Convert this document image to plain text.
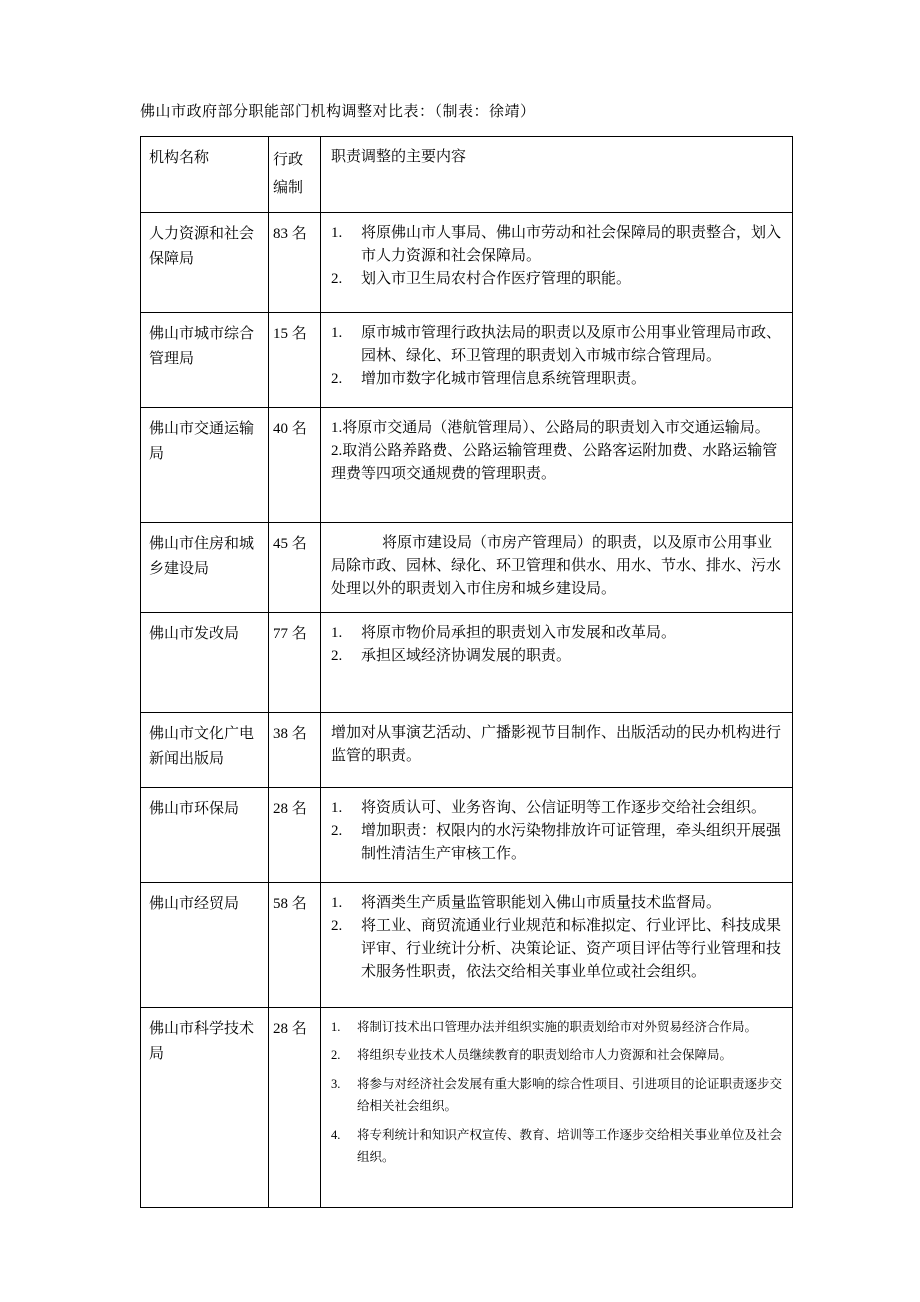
佛山市政府部分职能部门机构调整对比表：（制表：徐靖）
机构名称	行政编制	职责调整的主要内容
人力资源和社会保障局	83 名	1. 将原佛山市人事局、佛山市劳动和社会保障局的职责整合，划入市人力资源和社会保障局。
2. 划入市卫生局农村合作医疗管理的职能。

佛山市城市综合管理局	15 名	1. 原市城市管理行政执法局的职责以及原市公用事业管理局市政、园林、绿化、环卫管理的职责划入市城市综合管理局。
2. 增加市数字化城市管理信息系统管理职责。

佛山市交通运输局	40 名	1.将原市交通局（港航管理局）、公路局的职责划入市交通运输局。
2.取消公路养路费、公路运输管理费、公路客运附加费、水路运输管理费等四项交通规费的管理职责。

佛山市住房和城乡建设局	45 名	将原市建设局（市房产管理局）的职责，以及原市公用事业局除市政、园林、绿化、环卫管理和供水、用水、节水、排水、污水处理以外的职责划入市住房和城乡建设局。

佛山市发改局	77 名	1. 将原市物价局承担的职责划入市发展和改革局。
2. 承担区域经济协调发展的职责。

佛山市文化广电新闻出版局	38 名	增加对从事演艺活动、广播影视节目制作、出版活动的民办机构进行监管的职责。

佛山市环保局	28 名	1. 将资质认可、业务咨询、公信证明等工作逐步交给社会组织。
2. 增加职责：权限内的水污染物排放许可证管理，牵头组织开展强制性清洁生产审核工作。

佛山市经贸局	58 名	1. 将酒类生产质量监管职能划入佛山市质量技术监督局。
2. 将工业、商贸流通业行业规范和标准拟定、行业评比、科技成果评审、行业统计分析、决策论证、资产项目评估等行业管理和技术服务性职责，依法交给相关事业单位或社会组织。

佛山市科学技术局	28 名	1.	将制订技术出口管理办法并组织实施的职责划给市对外贸易经济合作局。
2.	将组织专业技术人员继续教育的职责划给市人力资源和社会保障局。
3.	将参与对经济社会发展有重大影响的综合性项目、引进项目的论证职责逐步交给相关社会组织。
4.	将专利统计和知识产权宣传、教育、培训等工作逐步交给相关事业单位及社会组织。
